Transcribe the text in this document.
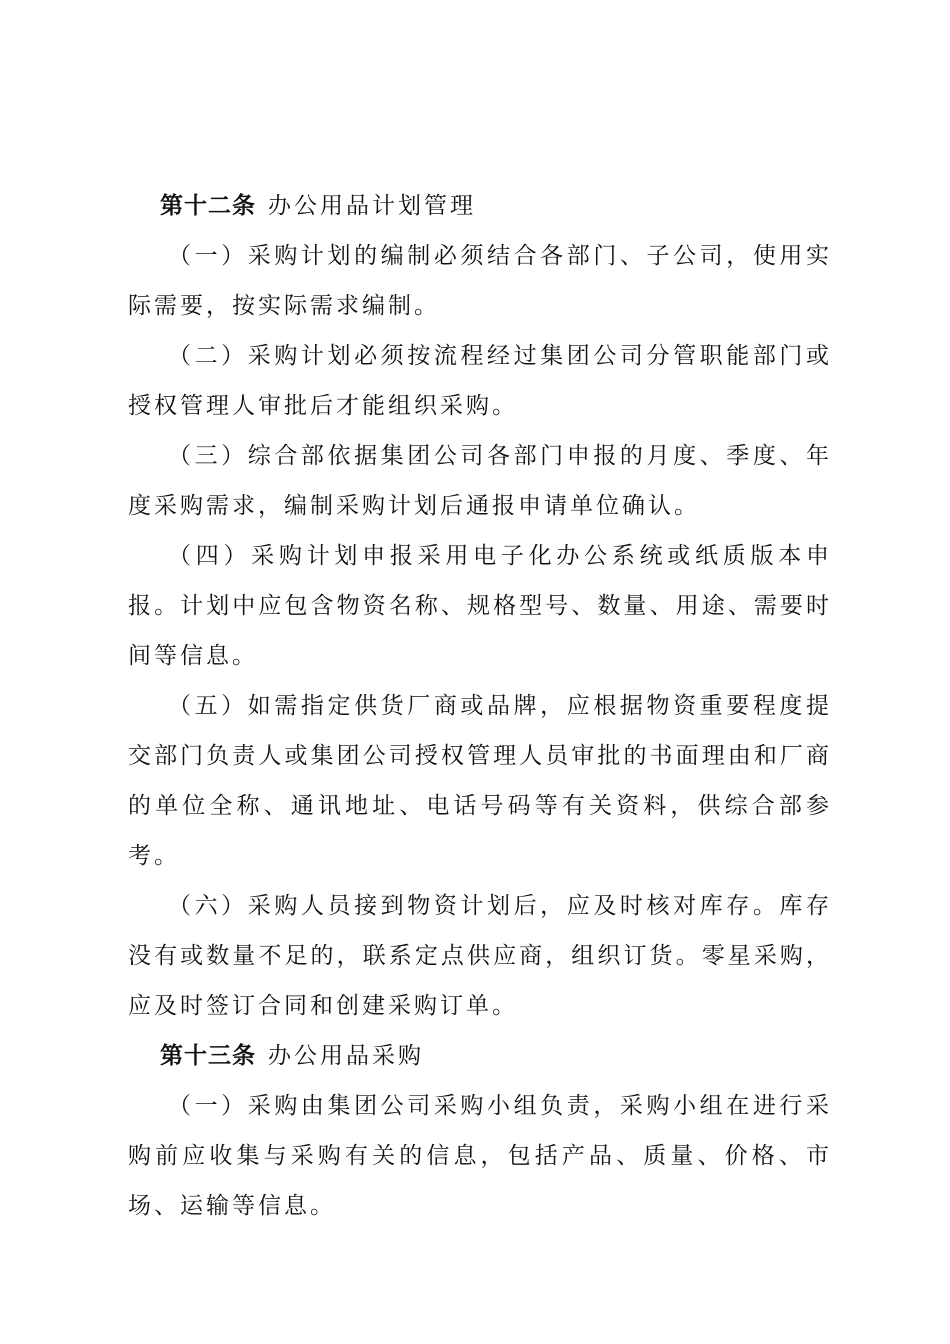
第十二条 办公用品计划管理

（一）采购计划的编制必须结合各部门、子公司，使用实际需要，按实际需求编制。

（二）采购计划必须按流程经过集团公司分管职能部门或授权管理人审批后才能组织采购。

（三）综合部依据集团公司各部门申报的月度、季度、年度采购需求，编制采购计划后通报申请单位确认。

（四）采购计划申报采用电子化办公系统或纸质版本申报。计划中应包含物资名称、规格型号、数量、用途、需要时间等信息。

（五）如需指定供货厂商或品牌，应根据物资重要程度提交部门负责人或集团公司授权管理人员审批的书面理由和厂商的单位全称、通讯地址、电话号码等有关资料，供综合部参考。

（六）采购人员接到物资计划后，应及时核对库存。库存没有或数量不足的，联系定点供应商，组织订货。零星采购，应及时签订合同和创建采购订单。

第十三条 办公用品采购

（一）采购由集团公司采购小组负责，采购小组在进行采购前应收集与采购有关的信息，包括产品、质量、价格、市场、运输等信息。
